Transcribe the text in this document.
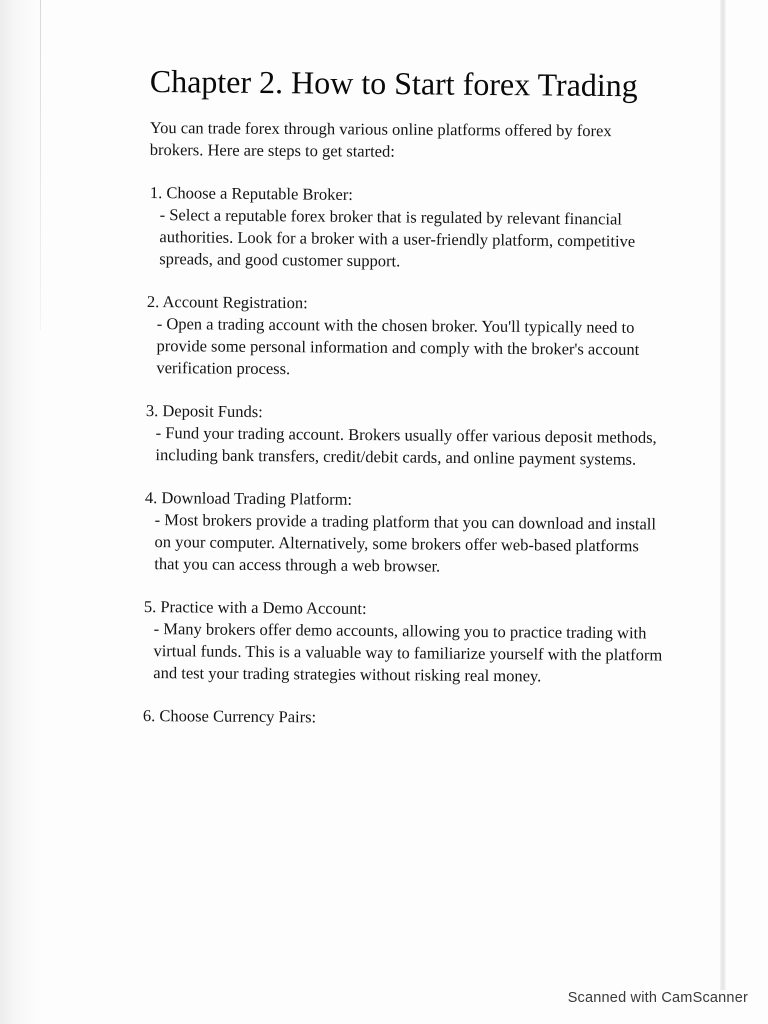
Chapter 2. How to Start forex Trading

You can trade forex through various online platforms offered by forex brokers. Here are steps to get started:

1. Choose a Reputable Broker:
- Select a reputable forex broker that is regulated by relevant financial authorities. Look for a broker with a user-friendly platform, competitive spreads, and good customer support.
2. Account Registration:
- Open a trading account with the chosen broker. You'll typically need to provide some personal information and comply with the broker's account verification process.
3. Deposit Funds:
- Fund your trading account. Brokers usually offer various deposit methods, including bank transfers, credit/debit cards, and online payment systems.
4. Download Trading Platform:
- Most brokers provide a trading platform that you can download and install on your computer. Alternatively, some brokers offer web-based platforms that you can access through a web browser.
5. Practice with a Demo Account:
- Many brokers offer demo accounts, allowing you to practice trading with virtual funds. This is a valuable way to familiarize yourself with the platform and test your trading strategies without risking real money.
6. Choose Currency Pairs:
Scanned with CamScanner
